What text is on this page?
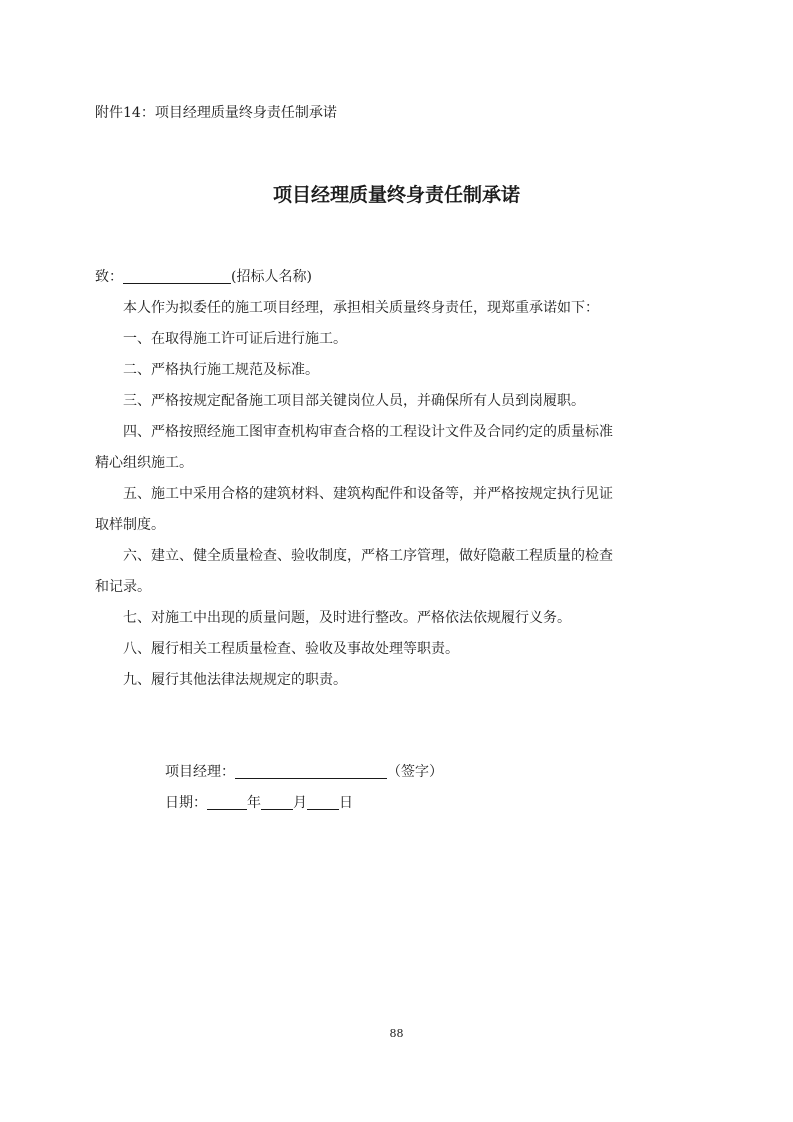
附件14：项目经理质量终身责任制承诺
项目经理质量终身责任制承诺
致：	(招标人名称)
本人作为拟委任的施工项目经理，承担相关质量终身责任，现郑重承诺如下：
一、在取得施工许可证后进行施工。
二、严格执行施工规范及标准。
三、严格按规定配备施工项目部关键岗位人员，并确保所有人员到岗履职。
四、严格按照经施工图审查机构审查合格的工程设计文件及合同约定的质量标准
精心组织施工。
五、施工中采用合格的建筑材料、建筑构配件和设备等，并严格按规定执行见证
取样制度。
六、建立、健全质量检查、验收制度，严格工序管理，做好隐蔽工程质量的检查
和记录。
七、对施工中出现的质量问题，及时进行整改。严格依法依规履行义务。
八、履行相关工程质量检查、验收及事故处理等职责。
九、履行其他法律法规规定的职责。
项目经理：	（签字）
日期：	年 月 日
88
